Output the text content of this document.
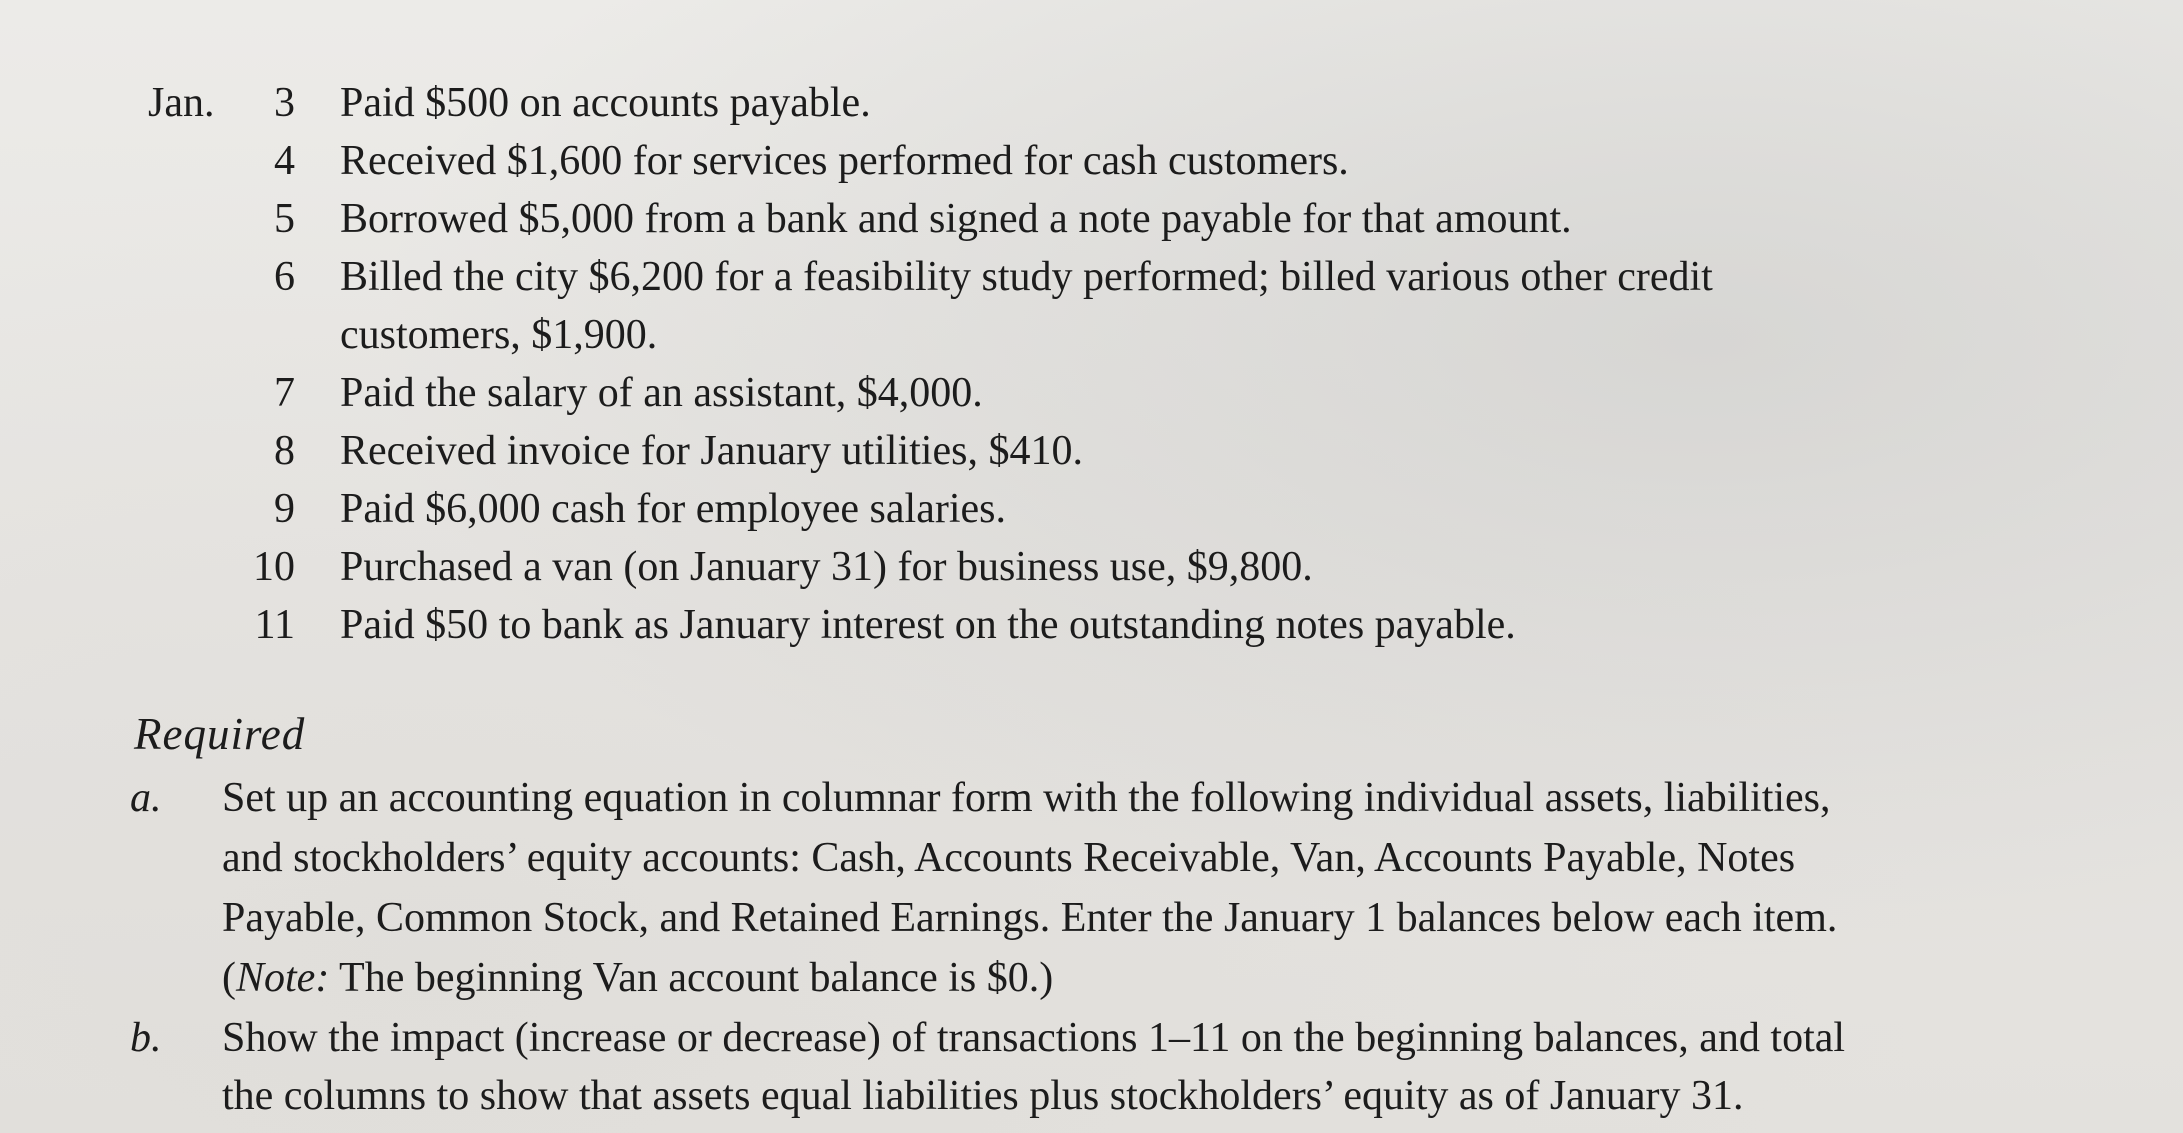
Jan.	3 Paid $500 on accounts payable.
4 Received $1,600 for services performed for cash customers.
5 Borrowed $5,000 from a bank and signed a note payable for that amount.
6 Billed the city $6,200 for a feasibility study performed; billed various other credit
customers, $1,900.
7 Paid the salary of an assistant, $4,000.
8 Received invoice for January utilities, $410.
9 Paid $6,000 cash for employee salaries.
10 Purchased a van (on January 31) for business use, $9,800.
11 Paid $50 to bank as January interest on the outstanding notes payable.
Required
a. Set up an accounting equation in columnar form with the following individual assets, liabilities,
and stockholders’ equity accounts: Cash, Accounts Receivable, Van, Accounts Payable, Notes
Payable, Common Stock, and Retained Earnings. Enter the January 1 balances below each item.
(Note: The beginning Van account balance is $0.)
b. Show the impact (increase or decrease) of transactions 1–11 on the beginning balances, and total
the columns to show that assets equal liabilities plus stockholders’ equity as of January 31.
